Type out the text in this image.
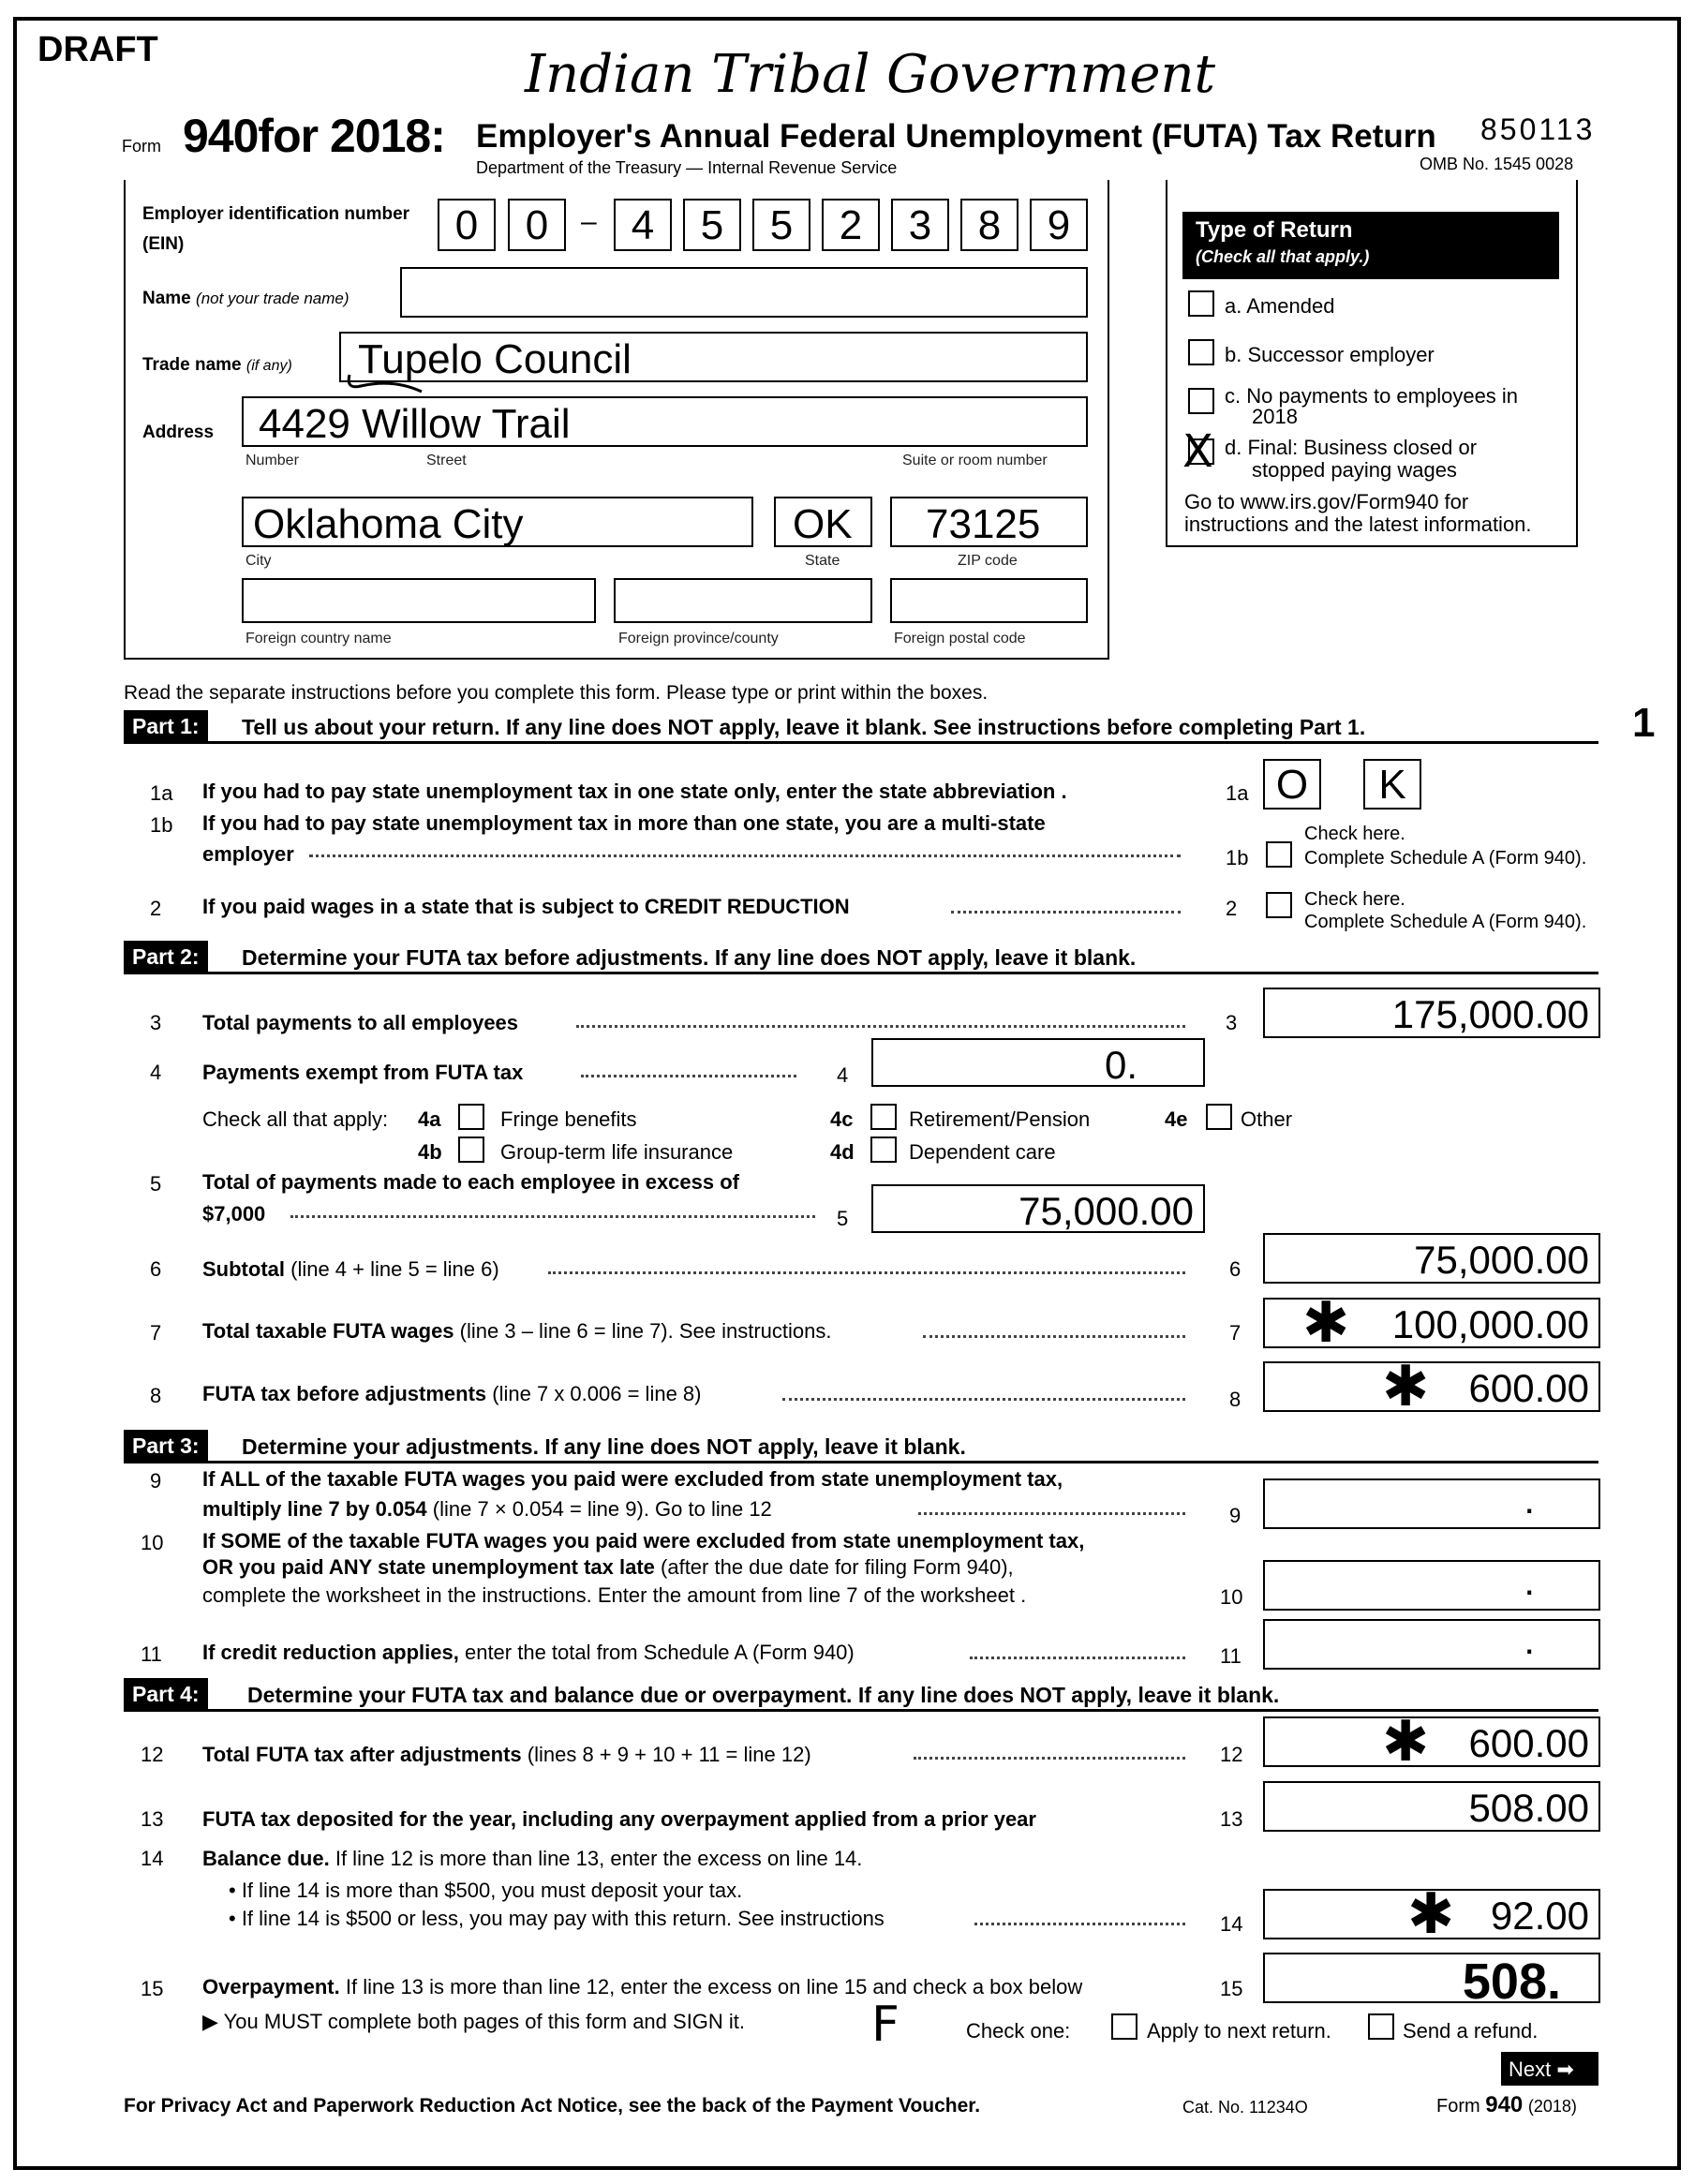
DRAFT	Indian Tribal Government
Form 940for 2018: Employer's Annual Federal Unemployment (FUTA) Tax Return
Department of the Treasury — Internal Revenue Service
850113
OMB No. 1545 0028
Employer identification number
(EIN)	0	0	– 4	5	5	2	3	8	9
Name (not your trade name)
Trade name (if any) Tupelo Council
Address 4429 Willow Trail
Number	Street	Suite or room number
Oklahoma City	OK 73125
City	State	ZIP code
Foreign country name	Foreign province/county	Foreign postal code
Type of Return
(Check all that apply.)
a. Amended
b. Successor employer
c. No payments to employees in
2018
X d. Final: Business closed or
stopped paying wages
Go to www.irs.gov/Form940 for
instructions and the latest information.
Read the separate instructions before you complete this form. Please type or print within the boxes.
1
Part 1:	Tell us about your return. If any line does NOT apply, leave it blank. See instructions before completing Part 1.
1a If you had to pay state unemployment tax in one state only, enter the state abbreviation .	1a O	K
1b If you had to pay state unemployment tax in more than one state, you are a multi-state
employer	1b
Check here.
Complete Schedule A (Form 940).
2 If you paid wages in a state that is subject to CREDIT REDUCTION	2	Check here.
Complete Schedule A (Form 940).
Part 2:	Determine your FUTA tax before adjustments. If any line does NOT apply, leave it blank.
3 Total payments to all employees	3	175,000.00
4 Payments exempt from FUTA tax	4	0.
Check all that apply: 4a	Fringe benefits
4b	Group-term life insurance
4c	Retirement/Pension
4d	Dependent care
4e	Other
5 Total of payments made to each employee in excess of
$7,000	5	75,000.00
6 Subtotal (line 4 + line 5 = line 6)	6	75,000.00
7 Total taxable FUTA wages (line 3 – line 6 = line 7). See instructions.	7	100,000.00
✱
8 FUTA tax before adjustments (line 7 x 0.006 = line 8)	8	600.00
✱
Part 3:	Determine your adjustments. If any line does NOT apply, leave it blank.
9 If ALL of the taxable FUTA wages you paid were excluded from state unemployment tax,
multiply line 7 by 0.054 (line 7 × 0.054 = line 9). Go to line 12	9	.
10 If SOME of the taxable FUTA wages you paid were excluded from state unemployment tax,
OR you paid ANY state unemployment tax late (after the due date for filing Form 940),
complete the worksheet in the instructions. Enter the amount from line 7 of the worksheet .	10	.
11 If credit reduction applies, enter the total from Schedule A (Form 940)	11	.
Part 4:	Determine your FUTA tax and balance due or overpayment. If any line does NOT apply, leave it blank.
12 Total FUTA tax after adjustments (lines 8 + 9 + 10 + 11 = line 12)	12	600.00
✱
13 FUTA tax deposited for the year, including any overpayment applied from a prior year	13	508.00
14 Balance due. If line 12 is more than line 13, enter the excess on line 14.
• If line 14 is more than $500, you must deposit your tax.
• If line 14 is $500 or less, you may pay with this return. See instructions	14	92.00
✱
15 Overpayment. If line 13 is more than line 12, enter the excess on line 15 and check a box below	15	508.
▶ You MUST complete both pages of this form and SIGN it.	F	Check one:	Apply to next return.	Send a refund.
Next ➡
For Privacy Act and Paperwork Reduction Act Notice, see the back of the Payment Voucher.	Cat. No. 11234O	Form 940 (2018)
